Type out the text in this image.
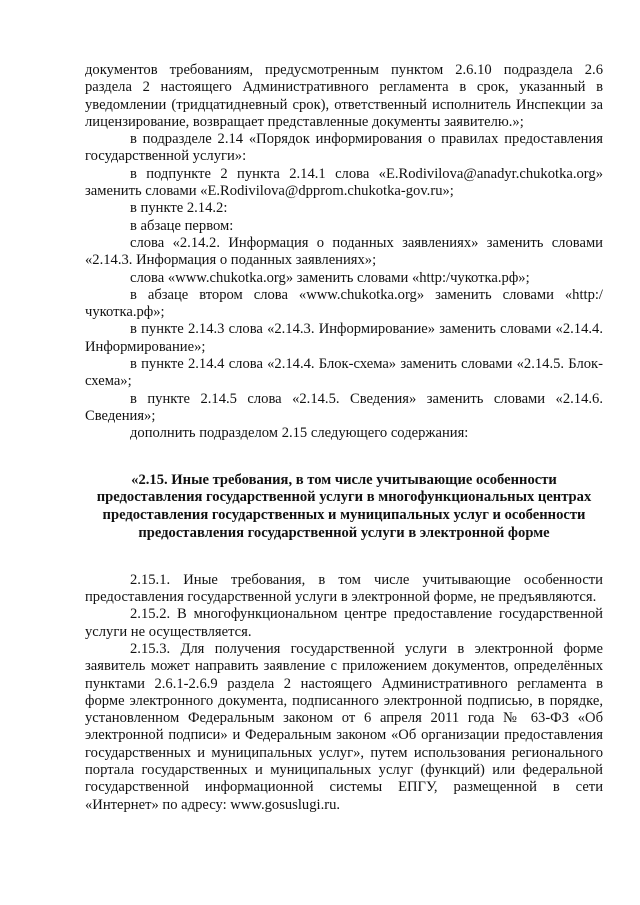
документов требованиям, предусмотренным пунктом 2.6.10 подраздела 2.6 раздела 2 настоящего Административного регламента в срок, указанный в уведомлении (тридцатидневный срок), ответственный исполнитель Инспекции за лицензирование, возвращает представленные документы заявителю.»;

в подразделе 2.14 «Порядок информирования о правилах предоставления государственной услуги»:

в подпункте 2 пункта 2.14.1 слова «E.Rodivilova@anadyr.chukotka.org» заменить словами «E.Rodivilova@dpprom.chukotka-gov.ru»;

в пункте 2.14.2:

в абзаце первом:

слова «2.14.2. Информация о поданных заявлениях» заменить словами «2.14.3. Информация о поданных заявлениях»;

слова «www.chukotka.org» заменить словами «http:/чукотка.рф»;

в абзаце втором слова «www.chukotka.org» заменить словами «http:/чукотка.рф»;

в пункте 2.14.3 слова «2.14.3. Информирование» заменить словами «2.14.4. Информирование»;

в пункте 2.14.4 слова «2.14.4. Блок-схема» заменить словами «2.14.5. Блок-схема»;

в пункте 2.14.5 слова «2.14.5. Сведения» заменить словами «2.14.6. Сведения»;

дополнить подразделом 2.15 следующего содержания:

«2.15. Иные требования, в том числе учитывающие особенности предоставления государственной услуги в многофункциональных центрах предоставления государственных и муниципальных услуг и особенности предоставления государственной услуги в электронной форме

2.15.1. Иные требования, в том числе учитывающие особенности предоставления государственной услуги в электронной форме, не предъявляются.

2.15.2. В многофункциональном центре предоставление государственной услуги не осуществляется.

2.15.3. Для получения государственной услуги в электронной форме заявитель может направить заявление с приложением документов, определённых пунктами 2.6.1-2.6.9 раздела 2 настоящего Административного регламента в форме электронного документа, подписанного электронной подписью, в порядке, установленном Федеральным законом от 6 апреля 2011 года № 63-ФЗ «Об электронной подписи» и Федеральным законом «Об организации предоставления государственных и муниципальных услуг», путем использования регионального портала государственных и муниципальных услуг (функций) или федеральной государственной информационной системы ЕПГУ, размещенной в сети «Интернет» по адресу: www.gosuslugi.ru.
